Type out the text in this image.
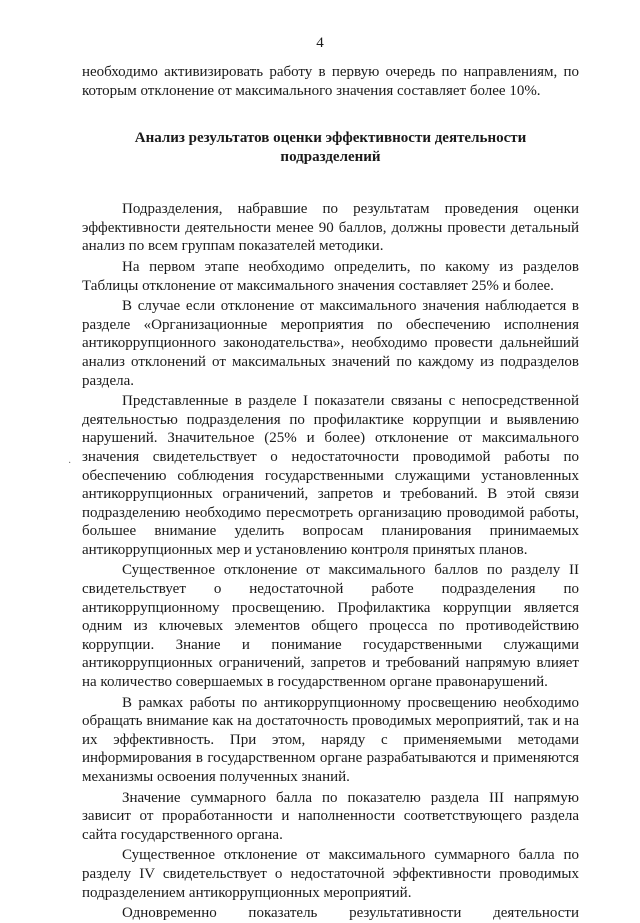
4
·

необходимо активизировать работу в первую очередь по направлениям, по которым отклонение от максимального значения составляет более 10%.

Анализ результатов оценки эффективности деятельности подразделений

Подразделения, набравшие по результатам проведения оценки эффективности деятельности менее 90 баллов, должны провести детальный анализ по всем группам показателей методики.

На первом этапе необходимо определить, по какому из разделов Таблицы отклонение от максимального значения составляет 25% и более.

В случае если отклонение от максимального значения наблюдается в разделе «Организационные мероприятия по обеспечению исполнения антикоррупционного законодательства», необходимо провести дальнейший анализ отклонений от максимальных значений по каждому из подразделов раздела.

Представленные в разделе I показатели связаны с непосредственной деятельностью подразделения по профилактике коррупции и выявлению нарушений. Значительное (25% и более) отклонение от максимального значения свидетельствует о недостаточности проводимой работы по обеспечению соблюдения государственными служащими установленных антикоррупционных ограничений, запретов и требований. В этой связи подразделению необходимо пересмотреть организацию проводимой работы, большее внимание уделить вопросам планирования принимаемых антикоррупционных мер и установлению контроля принятых планов.

Существенное отклонение от максимального баллов по разделу II свидетельствует о недостаточной работе подразделения по антикоррупционному просвещению. Профилактика коррупции является одним из ключевых элементов общего процесса по противодействию коррупции. Знание и понимание государственными служащими антикоррупционных ограничений, запретов и требований напрямую влияет на количество совершаемых в государственном органе правонарушений.

В рамках работы по антикоррупционному просвещению необходимо обращать внимание как на достаточность проводимых мероприятий, так и на их эффективность. При этом, наряду с применяемыми методами информирования в государственном органе разрабатываются и применяются механизмы освоения полученных знаний.

Значение суммарного балла по показателю раздела III напрямую зависит от проработанности и наполненности соответствующего раздела сайта государственного органа.

Существенное отклонение от максимального суммарного балла по разделу IV свидетельствует о недостаточной эффективности проводимых подразделением антикоррупционных мероприятий.

Одновременно показатель результативности деятельности
